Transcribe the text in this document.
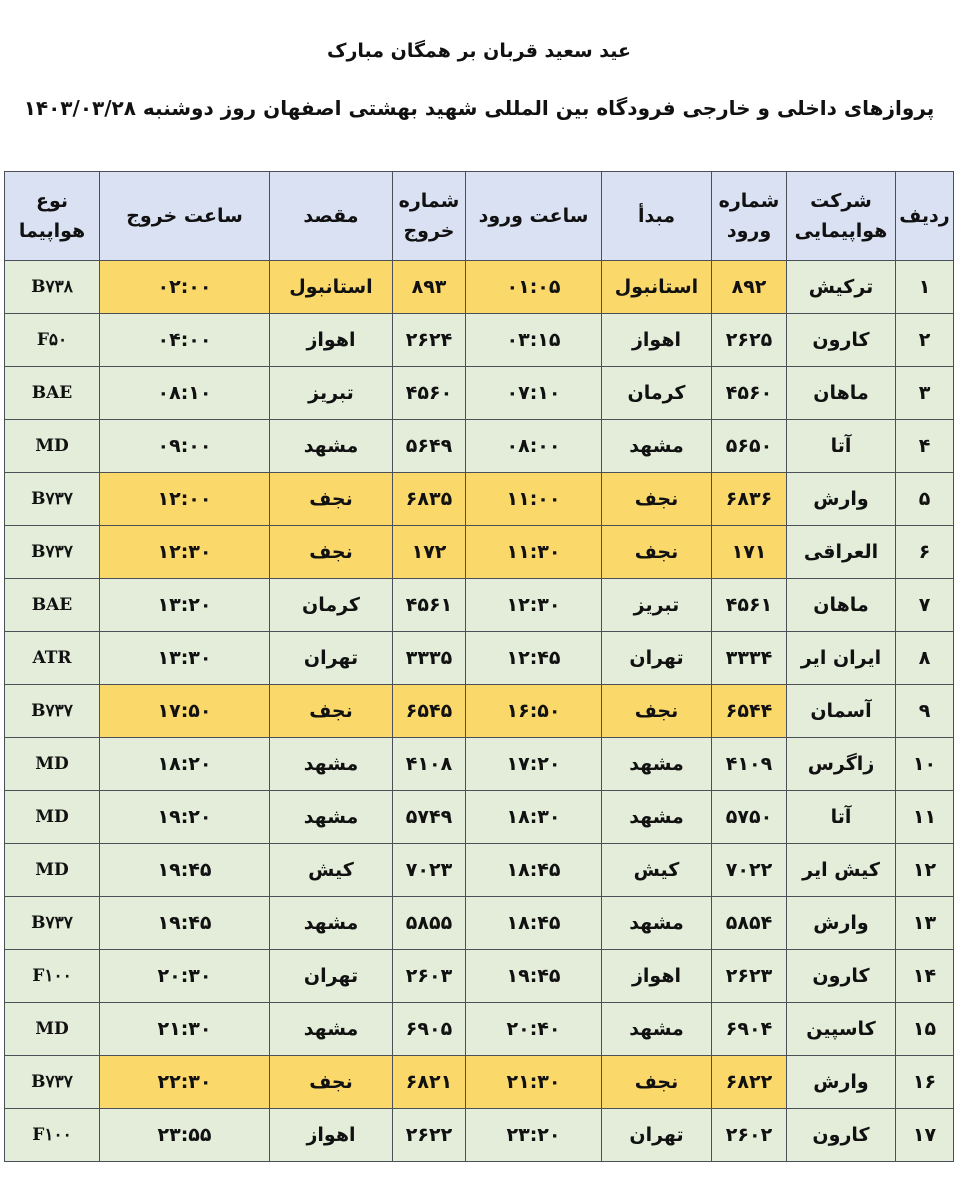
عید سعید قربان بر همگان مبارک
پروازهای داخلی و خارجی فرودگاه بین المللی شهید بهشتی اصفهان روز دوشنبه ۱۴۰۳/۰۳/۲۸
ردیف	شرکت هواپیمایی	شماره ورود	مبدأ	ساعت ورود	شماره خروج	مقصد	ساعت خروج	نوع هواپیما
۱	ترکیش	۸۹۲	استانبول	۰۱:۰۵	۸۹۳	استانبول	۰۲:۰۰	B۷۳۸
۲	کارون	۲۶۲۵	اهواز	۰۳:۱۵	۲۶۲۴	اهواز	۰۴:۰۰	F۵۰
۳	ماهان	۴۵۶۰	کرمان	۰۷:۱۰	۴۵۶۰	تبریز	۰۸:۱۰	BAE
۴	آتا	۵۶۵۰	مشهد	۰۸:۰۰	۵۶۴۹	مشهد	۰۹:۰۰	MD
۵	وارش	۶۸۳۶	نجف	۱۱:۰۰	۶۸۳۵	نجف	۱۲:۰۰	B۷۳۷
۶	العراقی	۱۷۱	نجف	۱۱:۳۰	۱۷۲	نجف	۱۲:۳۰	B۷۳۷
۷	ماهان	۴۵۶۱	تبریز	۱۲:۳۰	۴۵۶۱	کرمان	۱۳:۲۰	BAE
۸	ایران ایر	۳۳۳۴	تهران	۱۲:۴۵	۳۳۳۵	تهران	۱۳:۳۰	ATR
۹	آسمان	۶۵۴۴	نجف	۱۶:۵۰	۶۵۴۵	نجف	۱۷:۵۰	B۷۳۷
۱۰	زاگرس	۴۱۰۹	مشهد	۱۷:۲۰	۴۱۰۸	مشهد	۱۸:۲۰	MD
۱۱	آتا	۵۷۵۰	مشهد	۱۸:۳۰	۵۷۴۹	مشهد	۱۹:۲۰	MD
۱۲	کیش ایر	۷۰۲۲	کیش	۱۸:۴۵	۷۰۲۳	کیش	۱۹:۴۵	MD
۱۳	وارش	۵۸۵۴	مشهد	۱۸:۴۵	۵۸۵۵	مشهد	۱۹:۴۵	B۷۳۷
۱۴	کارون	۲۶۲۳	اهواز	۱۹:۴۵	۲۶۰۳	تهران	۲۰:۳۰	F۱۰۰
۱۵	کاسپین	۶۹۰۴	مشهد	۲۰:۴۰	۶۹۰۵	مشهد	۲۱:۳۰	MD
۱۶	وارش	۶۸۲۲	نجف	۲۱:۳۰	۶۸۲۱	نجف	۲۲:۳۰	B۷۳۷
۱۷	کارون	۲۶۰۲	تهران	۲۳:۲۰	۲۶۲۲	اهواز	۲۳:۵۵	F۱۰۰
